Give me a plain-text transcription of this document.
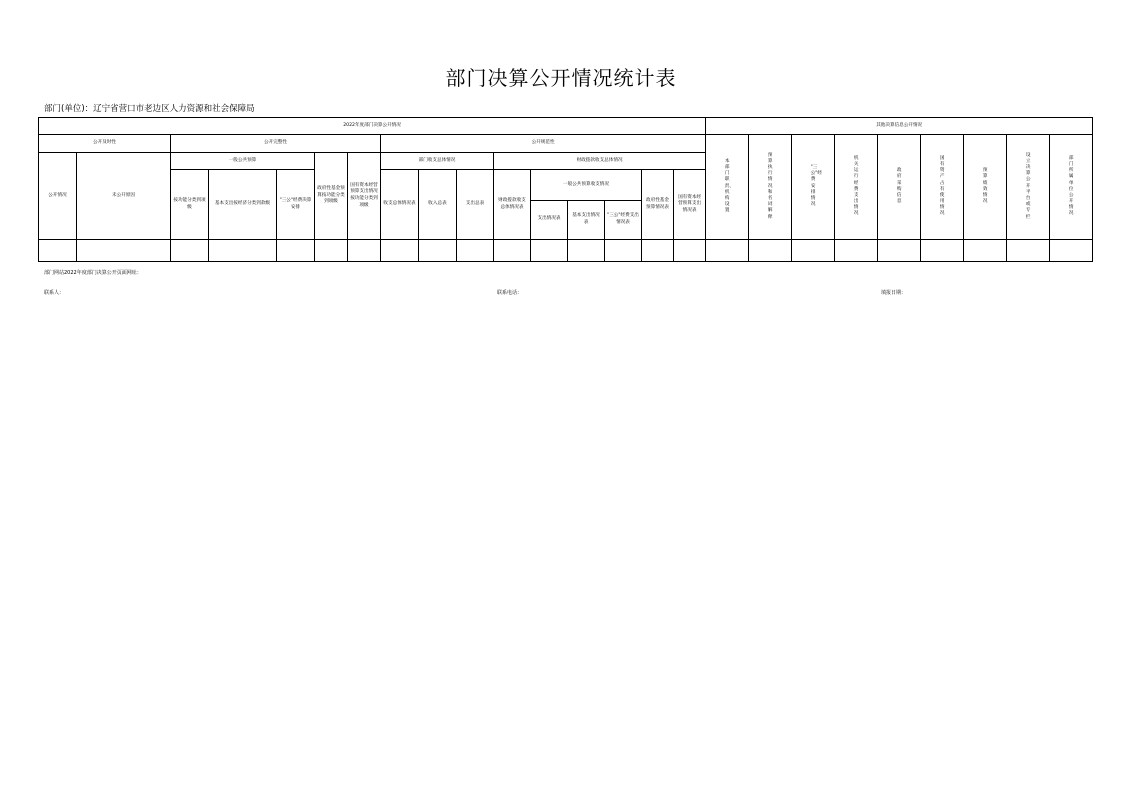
部门决算公开情况统计表
部门(单位)：辽宁省营口市老边区人力资源和社会保障局
2022年度部门决算公开情况																其他决算信息公开情况								
公开及时性		公开完整性					公开规范性									本部门职责、机构设置	预算执行情况和名词解释	"三公"经费安排情况	机关运行经费支出情况	政府采购信息	国有资产占有使用情况	预算绩效情况	设立决算公开平台或专栏	部门所属单位公开情况
公开情况	未公开原因	一般公共预算			政府性基金预算按功能分类到项级	国有资本经营预算支出情况按功能分类到项级	部门收支总体情况			财政拨款收支总体情况														
		按功能分类到项级	基本支出按经济分类到款级	"三公"经费决算安排			收支总体情况表	收入总表	支出总表	财政拨款收支总体情况表	一般公共预算收支情况			政府性基金预算情况表	国有资本经营预算支出情况表									
											支出情况表	基本支出情况表	"三公"经费支出情况表											

部门网站2022年度部门决算公开页面网址：
联系人：	联系电话：	填报日期：
